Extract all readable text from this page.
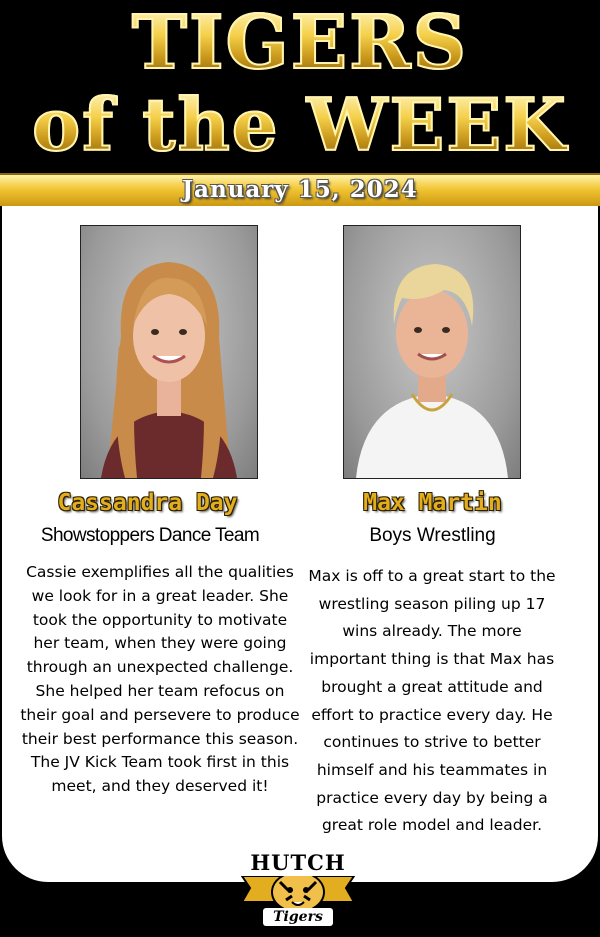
TIGERS
of the WEEK
January 15, 2024
Cassandra Day	Max Martin
Showstoppers Dance Team	Boys Wrestling
Cassie exemplifies all the qualities we look for in a great leader. She took the opportunity to motivate her team, when they were going through an unexpected challenge. She helped her team refocus on their goal and persevere to produce their best performance this season. The JV Kick Team took first in this meet, and they deserved it!
Max is off to a great start to the wrestling season piling up 17 wins already. The more important thing is that Max has brought a great attitude and effort to practice every day. He continues to strive to better himself and his teammates in practice every day by being a great role model and leader.
HUTCH
Tigers
